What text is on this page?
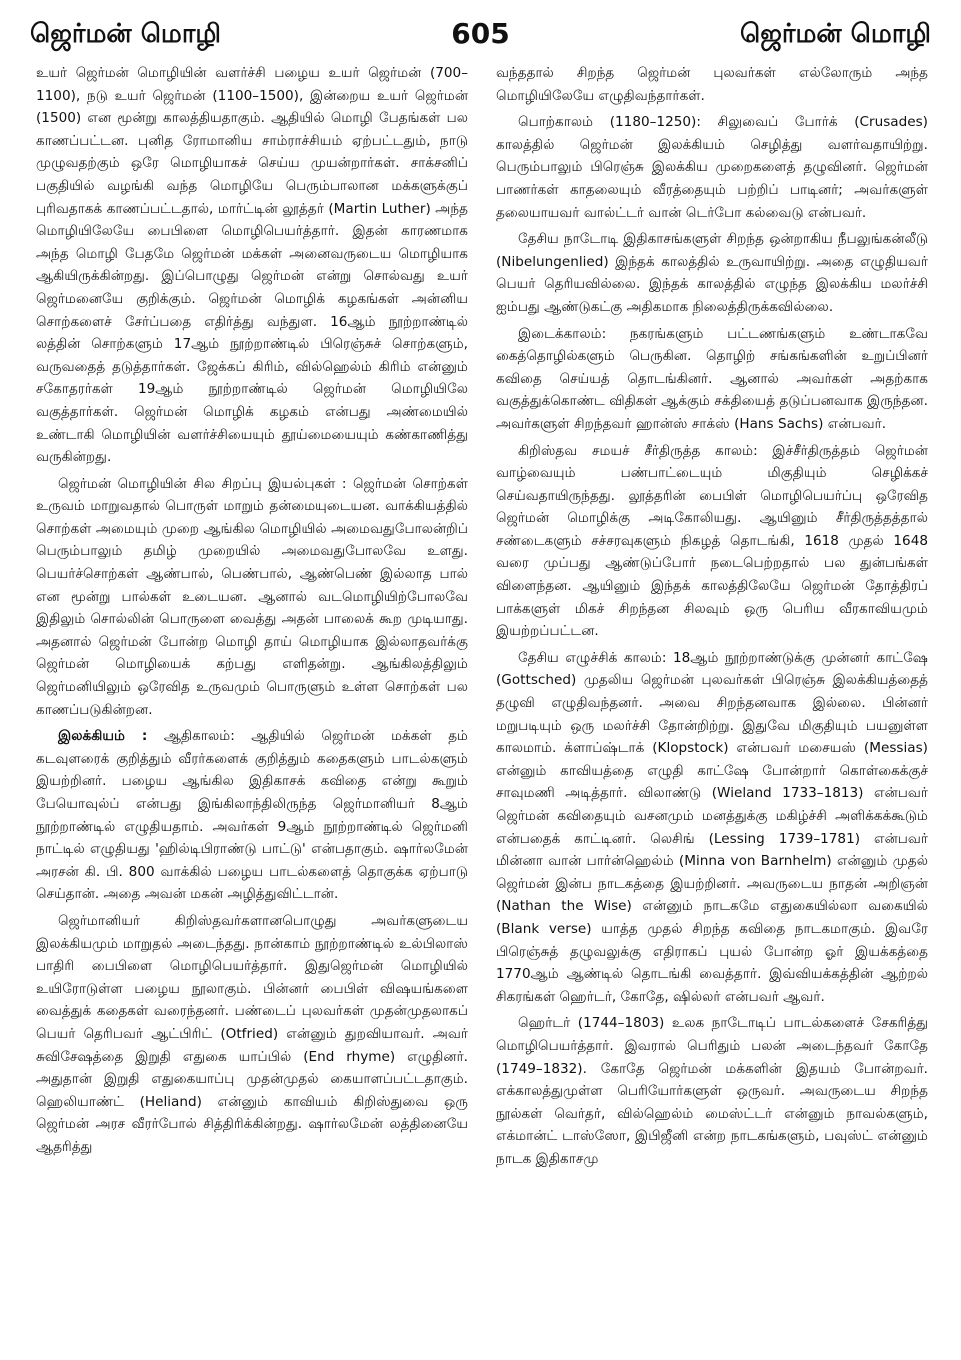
ஜெர்மன் மொழி	605	ஜெர்மன் மொழி

உயர் ஜெர்மன் மொழியின் வளர்ச்சி பழைய உயர் ஜெர்மன் (700–1100), நடு உயர் ஜெர்மன் (1100–1500), இன்றைய உயர் ஜெர்மன் (1500) என மூன்று காலத்தியதாகும். ஆதியில் மொழி பேதங்கள் பல காணப்பட்டன. புனித ரோமானிய சாம்ராச்சியம் ஏற்பட்டதும், நாடு முழுவதற்கும் ஒரே மொழியாகச் செய்ய முயன்றார்கள். சாக்சனிப் பகுதியில் வழங்கி வந்த மொழியே பெரும்பாலான மக்களுக்குப் புரிவதாகக் காணப்பட்டதால், மார்ட்டின் லூத்தர் (Martin Luther) அந்த மொழியிலேயே பைபிளை மொழிபெயர்த்தார். இதன் காரணமாக அந்த மொழி பேதமே ஜெர்மன் மக்கள் அனைவருடைய மொழியாக ஆகியிருக்கின்றது. இப்பொழுது ஜெர்மன் என்று சொல்வது உயர் ஜெர்மனையே குறிக்கும். ஜெர்மன் மொழிக் கழகங்கள் அன்னிய சொற்களைச் சேர்ப்பதை எதிர்த்து வந்துள. 16ஆம் நூற்றாண்டில் லத்தின் சொற்களும் 17ஆம் நூற்றாண்டில் பிரெஞ்சுச் சொற்களும், வருவதைத் தடுத்தார்கள். ஜேக்கப் கிரிம், வில்ஹெல்ம் கிரிம் என்னும் சகோதரர்கள் 19ஆம் நூற்றாண்டில் ஜெர்மன் மொழியிலே வகுத்தார்கள். ஜெர்மன் மொழிக் கழகம் என்பது அண்மையில் உண்டாகி மொழியின் வளர்ச்சியையும் தூய்மையையும் கண்காணித்து வருகின்றது.

ஜெர்மன் மொழியின் சில சிறப்பு இயல்புகள் : ஜெர்மன் சொற்கள் உருவம் மாறுவதால் பொருள் மாறும் தன்மையுடையன. வாக்கியத்தில் சொற்கள் அமையும் முறை ஆங்கில மொழியில் அமைவதுபோலன்றிப் பெரும்பாலும் தமிழ் முறையில் அமைவதுபோலவே உளது. பெயர்ச்சொற்கள் ஆண்பால், பெண்பால், ஆண்பெண் இல்லாத பால் என மூன்று பால்கள் உடையன. ஆனால் வடமொழியிற்போலவே இதிலும் சொல்லின் பொருளை வைத்து அதன் பாலைக் கூற முடியாது. அதனால் ஜெர்மன் போன்ற மொழி தாய் மொழியாக இல்லாதவர்க்கு ஜெர்மன் மொழியைக் கற்பது எளிதன்று. ஆங்கிலத்திலும் ஜெர்மனியிலும் ஒரேவித உருவமும் பொருளும் உள்ள சொற்கள் பல காணப்படுகின்றன.

இலக்கியம் : ஆதிகாலம்: ஆதியில் ஜெர்மன் மக்கள் தம் கடவுளரைக் குறித்தும் வீரர்களைக் குறித்தும் கதைகளும் பாடல்களும் இயற்றினர். பழைய ஆங்கில இதிகாசக் கவிதை என்று கூறும் பேயொவுல்ப் என்பது இங்கிலாந்திலிருந்த ஜெர்மானியர் 8ஆம் நூற்றாண்டில் எழுதியதாம். அவர்கள் 9ஆம் நூற்றாண்டில் ஜெர்மனி நாட்டில் எழுதியது 'ஹில்டிபிராண்டு பாட்டு' என்பதாகும். ஷார்லமேன் அரசன் கி. பி. 800 வாக்கில் பழைய பாடல்களைத் தொகுக்க ஏற்பாடு செய்தான். அதை அவன் மகன் அழித்துவிட்டான்.

ஜெர்மானியர் கிறிஸ்தவர்களானபொழுது அவர்களுடைய இலக்கியமும் மாறுதல் அடைந்தது. நான்காம் நூற்றாண்டில் உல்பிலாஸ் பாதிரி பைபிளை மொழிபெயர்த்தார். இதுஜெர்மன் மொழியில் உயிரோடுள்ள பழைய நூலாகும். பின்னர் பைபிள் விஷயங்களை வைத்துக் கதைகள் வரைந்தனர். பண்டைப் புலவர்கள் முதன்முதலாகப் பெயர் தெரிபவர் ஆட்பிரிட் (Otfried) என்னும் துறவியாவர். அவர் சுவிசேஷத்தை இறுதி எதுகை யாப்பில் (End rhyme) எழுதினர். அதுதான் இறுதி எதுகையாப்பு முதன்முதல் கையாளப்பட்டதாகும். ஹெலியாண்ட் (Heliand) என்னும் காவியம் கிறிஸ்துவை ஒரு ஜெர்மன் அரச வீரர்போல் சித்திரிக்கின்றது. ஷார்லமேன் லத்தினையே ஆதரித்து

வந்ததால் சிறந்த ஜெர்மன் புலவர்கள் எல்லோரும் அந்த மொழியிலேயே எழுதிவந்தார்கள்.

பொற்காலம் (1180–1250): சிலுவைப் போர்க் (Crusades) காலத்தில் ஜெர்மன் இலக்கியம் செழித்து வளர்வதாயிற்று. பெரும்பாலும் பிரெஞ்சு இலக்கிய முறைகளைத் தழுவினர். ஜெர்மன் பாணர்கள் காதலையும் வீரத்தையும் பற்றிப் பாடினர்; அவர்களுள் தலையாயவர் வால்ட்டர் வான் டெர்போ கல்வைடு என்பவர்.

தேசிய நாடோடி இதிகாசங்களுள் சிறந்த ஒன்றாகிய நீபலுங்கன்லீடு (Nibelungenlied) இந்தக் காலத்தில் உருவாயிற்று. அதை எழுதியவர் பெயர் தெரியவில்லை. இந்தக் காலத்தில் எழுந்த இலக்கிய மலர்ச்சி ஐம்பது ஆண்டுகட்கு அதிகமாக நிலைத்திருக்கவில்லை.

இடைக்காலம்: நகரங்களும் பட்டணங்களும் உண்டாகவே கைத்தொழில்களும் பெருகின. தொழிற் சங்கங்களின் உறுப்பினர் கவிதை செய்யத் தொடங்கினர். ஆனால் அவர்கள் அதற்காக வகுத்துக்கொண்ட விதிகள் ஆக்கும் சக்தியைத் தடுப்பனவாக இருந்தன. அவர்களுள் சிறந்தவர் ஹான்ஸ் சாக்ஸ் (Hans Sachs) என்பவர்.

கிறிஸ்தவ சமயச் சீர்திருத்த காலம்: இச்சீர்திருத்தம் ஜெர்மன் வாழ்வையும் பண்பாட்டையும் மிகுதியும் செழிக்கச் செய்வதாயிருந்தது. லூத்தரின் பைபிள் மொழிபெயர்ப்பு ஒரேவித ஜெர்மன் மொழிக்கு அடிகோலியது. ஆயினும் சீர்திருத்தத்தால் சண்டைகளும் சச்சரவுகளும் நிகழத் தொடங்கி, 1618 முதல் 1648 வரை முப்பது ஆண்டுப்போர் நடைபெற்றதால் பல துன்பங்கள் விளைந்தன. ஆயினும் இந்தக் காலத்திலேயே ஜெர்மன் தோத்திரப் பாக்களுள் மிகச் சிறந்தன சிலவும் ஒரு பெரிய வீரகாவியமும் இயற்றப்பட்டன.

தேசிய எழுச்சிக் காலம்: 18ஆம் நூற்றாண்டுக்கு முன்னர் காட்ஷே (Gottsched) முதலிய ஜெர்மன் புலவர்கள் பிரெஞ்சு இலக்கியத்தைத் தழுவி எழுதிவந்தனர். அவை சிறந்தனவாக இல்லை. பின்னர் மறுபடியும் ஒரு மலர்ச்சி தோன்றிற்று. இதுவே மிகுதியும் பயனுள்ள காலமாம். க்ளாப்ஷ்டாக் (Klopstock) என்பவர் மசையஸ் (Messias) என்னும் காவியத்தை எழுதி காட்ஷே போன்றார் கொள்கைக்குச் சாவுமணி அடித்தார். விலாண்டு (Wieland 1733–1813) என்பவர் ஜெர்மன் கவிதையும் வசனமும் மனத்துக்கு மகிழ்ச்சி அளிக்கக்கூடும் என்பதைக் காட்டினர். லெசிங் (Lessing 1739–1781) என்பவர் மின்னா வான் பார்ன்ஹெல்ம் (Minna von Barnhelm) என்னும் முதல் ஜெர்மன் இன்ப நாடகத்தை இயற்றினர். அவருடைய நாதன் அறிஞன் (Nathan the Wise) என்னும் நாடகமே எதுகையில்லா வகையில் (Blank verse) யாத்த முதல் சிறந்த கவிதை நாடகமாகும். இவரே பிரெஞ்சுத் தழுவலுக்கு எதிராகப் புயல் போன்ற ஓர் இயக்கத்தை 1770ஆம் ஆண்டில் தொடங்கி வைத்தார். இவ்வியக்கத்தின் ஆற்றல் சிகரங்கள் ஹெர்டர், கோதே, ஷில்லர் என்பவர் ஆவர்.

ஹெர்டர் (1744–1803) உலக நாடோடிப் பாடல்களைச் சேகரித்து மொழிபெயர்த்தார். இவரால் பெரிதும் பலன் அடைந்தவர் கோதே (1749–1832). கோதே ஜெர்மன் மக்களின் இதயம் போன்றவர். எக்காலத்துமுள்ள பெரியோர்களுள் ஒருவர். அவருடைய சிறந்த நூல்கள் வெர்தர், வில்ஹெல்ம் மைஸ்ட்டர் என்னும் நாவல்களும், எக்மான்ட் டாஸ்ஸோ, இபிஜீனி என்ற நாடகங்களும், பவுஸ்ட் என்னும் நாடக இதிகாசமு
